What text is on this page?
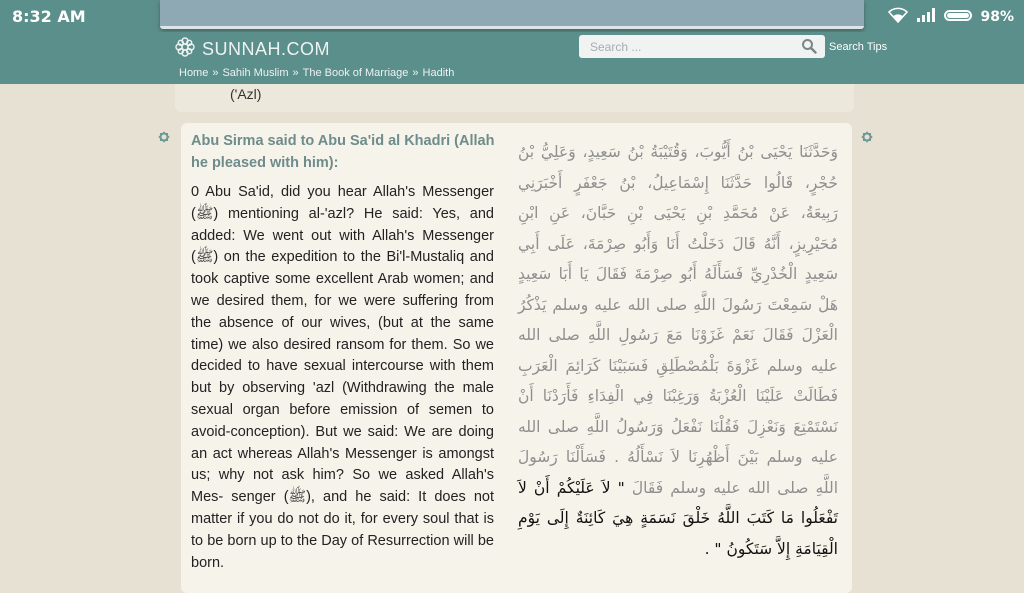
8:32 AM	98%
SUNNAH.COM	Search ...	Search Tips
Home » Sahih Muslim » The Book of Marriage » Hadith
('Azl)
Abu Sirma said to Abu Sa'id al Khadri (Allah he pleased with him):
0 Abu Sa'id, did you hear Allah's Messenger (ﷺ) mentioning al-'azl? He said: Yes, and added: We went out with Allah's Messenger (ﷺ) on the expedition to the Bi'l-Mustaliq and took captive some excellent Arab women; and we desired them, for we were suffering from the absence of our wives, (but at the same time) we also desired ransom for them. So we decided to have sexual intercourse with them but by observing 'azl (Withdrawing the male sexual organ before emission of semen to avoid-conception). But we said: We are doing an act whereas Allah's Messenger is amongst us; why not ask him? So we asked Allah's Mes- senger (ﷺ), and he said: It does not matter if you do not do it, for every soul that is to be born up to the Day of Resurrection will be born.
وَحَدَّثَنَا يَحْيَى بْنُ أَيُّوبَ، وَقُتَيْبَةُ بْنُ سَعِيدٍ، وَعَلِيُّ بْنُ حُجْرٍ، قَالُوا حَدَّثَنَا إِسْمَاعِيلُ، بْنُ جَعْفَرٍ أَخْبَرَنِي رَبِيعَةُ، عَنْ مُحَمَّدِ بْنِ يَحْيَى بْنِ حَبَّانَ، عَنِ ابْنِ مُحَيْرِيزٍ، أَنَّهُ قَالَ دَخَلْتُ أَنَا وَأَبُو صِرْمَةَ، عَلَى أَبِي سَعِيدٍ الْخُدْرِيِّ فَسَأَلَهُ أَبُو صِرْمَةَ فَقَالَ يَا أَبَا سَعِيدٍ هَلْ سَمِعْتَ رَسُولَ اللَّهِ صلى الله عليه وسلم يَذْكُرُ الْعَزْلَ فَقَالَ نَعَمْ غَزَوْنَا مَعَ رَسُولِ اللَّهِ صلى الله عليه وسلم غَزْوَةَ بَلْمُصْطَلِقِ فَسَبَيْنَا كَرَائِمَ الْعَرَبِ فَطَالَتْ عَلَيْنَا الْعُزْبَةُ وَرَغِبْنَا فِي الْفِدَاءِ فَأَرَدْنَا أَنْ نَسْتَمْتِعَ وَنَعْزِلَ فَقُلْنَا نَفْعَلُ وَرَسُولُ اللَّهِ صلى الله عليه وسلم بَيْنَ أَظْهُرِنَا لاَ نَسْأَلُهُ ‏.‏ فَسَأَلْنَا رَسُولَ اللَّهِ صلى الله عليه وسلم فَقَالَ " لاَ عَلَيْكُمْ أَنْ لاَ تَفْعَلُوا مَا كَتَبَ اللَّهُ خَلْقَ نَسَمَةٍ هِيَ كَائِنَةٌ إِلَى يَوْمِ الْقِيَامَةِ إِلاَّ سَتَكُونُ " ‏.‏
